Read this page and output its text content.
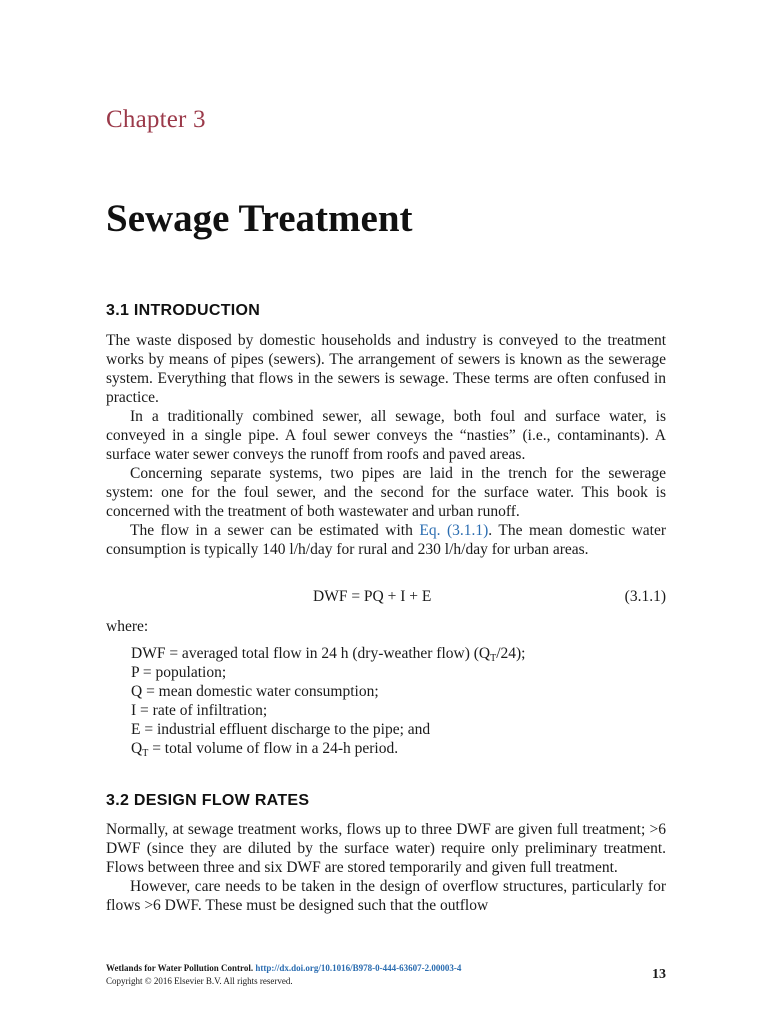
Chapter 3
Sewage Treatment
3.1 INTRODUCTION

The waste disposed by domestic households and industry is conveyed to the treatment works by means of pipes (sewers). The arrangement of sewers is known as the sewerage system. Everything that flows in the sewers is sewage. These terms are often confused in practice.

In a traditionally combined sewer, all sewage, both foul and surface water, is conveyed in a single pipe. A foul sewer conveys the “nasties” (i.e., contaminants). A surface water sewer conveys the runoff from roofs and paved areas.

Concerning separate systems, two pipes are laid in the trench for the sewerage system: one for the foul sewer, and the second for the surface water. This book is concerned with the treatment of both wastewater and urban runoff.

The flow in a sewer can be estimated with Eq. (3.1.1). The mean domestic water consumption is typically 140 l/h/day for rural and 230 l/h/day for urban areas.

DWF = PQ + I + E	(3.1.1)
where:
DWF = averaged total flow in 24 h (dry-weather flow) $(Q_T/24)$;
P = population;
Q = mean domestic water consumption;
I = rate of infiltration;
E = industrial effluent discharge to the pipe; and
$Q_T$ = total volume of flow in a 24-h period.
3.2 DESIGN FLOW RATES

Normally, at sewage treatment works, flows up to three DWF are given full treatment; >6 DWF (since they are diluted by the surface water) require only preliminary treatment. Flows between three and six DWF are stored temporarily and given full treatment.

However, care needs to be taken in the design of overflow structures, particularly for flows >6 DWF. These must be designed such that the outflow

Wetlands for Water Pollution Control. http://dx.doi.org/10.1016/B978-0-444-63607-2.00003-4
Copyright © 2016 Elsevier B.V. All rights reserved.	13
